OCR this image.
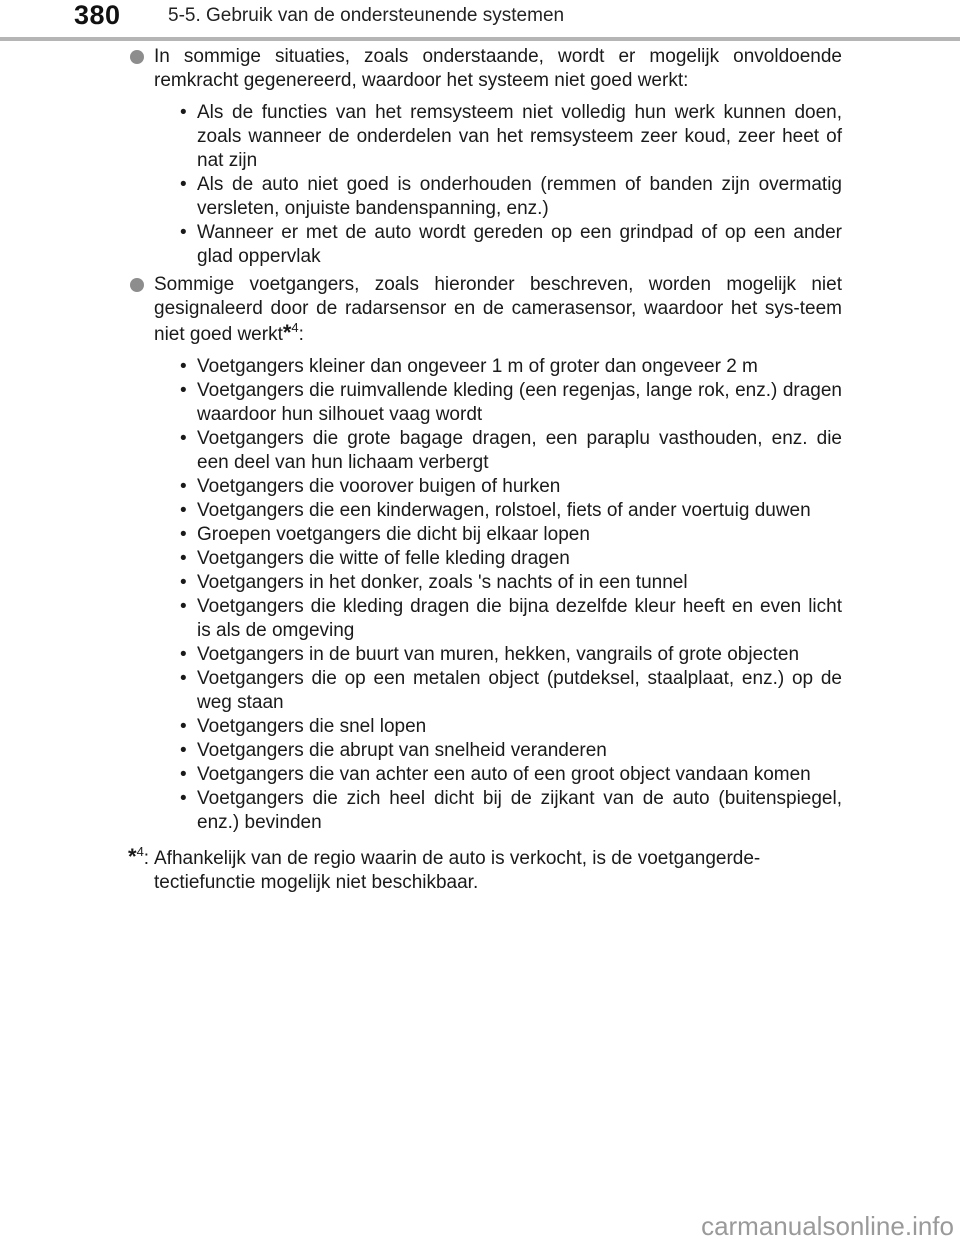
380 5-5. Gebruik van de ondersteunende systemen
In sommige situaties, zoals onderstaande, wordt er mogelijk onvoldoende remkracht gegenereerd, waardoor het systeem niet goed werkt:
• Als de functies van het remsysteem niet volledig hun werk kunnen doen, zoals wanneer de onderdelen van het remsysteem zeer koud, zeer heet of nat zijn
• Als de auto niet goed is onderhouden (remmen of banden zijn overmatig versleten, onjuiste bandenspanning, enz.)
• Wanneer er met de auto wordt gereden op een grindpad of op een ander glad oppervlak
Sommige voetgangers, zoals hieronder beschreven, worden mogelijk niet gesignaleerd door de radarsensor en de camerasensor, waardoor het sys-teem niet goed werkt*$^4$:
• Voetgangers kleiner dan ongeveer 1 m of groter dan ongeveer 2 m
• Voetgangers die ruimvallende kleding (een regenjas, lange rok, enz.) dragen waardoor hun silhouet vaag wordt
• Voetgangers die grote bagage dragen, een paraplu vasthouden, enz. die een deel van hun lichaam verbergt
• Voetgangers die voorover buigen of hurken
• Voetgangers die een kinderwagen, rolstoel, fiets of ander voertuig duwen
• Groepen voetgangers die dicht bij elkaar lopen
• Voetgangers die witte of felle kleding dragen
• Voetgangers in het donker, zoals 's nachts of in een tunnel
• Voetgangers die kleding dragen die bijna dezelfde kleur heeft en even licht is als de omgeving
• Voetgangers in de buurt van muren, hekken, vangrails of grote objecten
• Voetgangers die op een metalen object (putdeksel, staalplaat, enz.) op de weg staan
• Voetgangers die snel lopen
• Voetgangers die abrupt van snelheid veranderen
• Voetgangers die van achter een auto of een groot object vandaan komen
• Voetgangers die zich heel dicht bij de zijkant van de auto (buitenspiegel, enz.) bevinden
*$^4$: Afhankelijk van de regio waarin de auto is verkocht, is de voetgangerde-tectiefunctie mogelijk niet beschikbaar.
carmanualsonline.info
